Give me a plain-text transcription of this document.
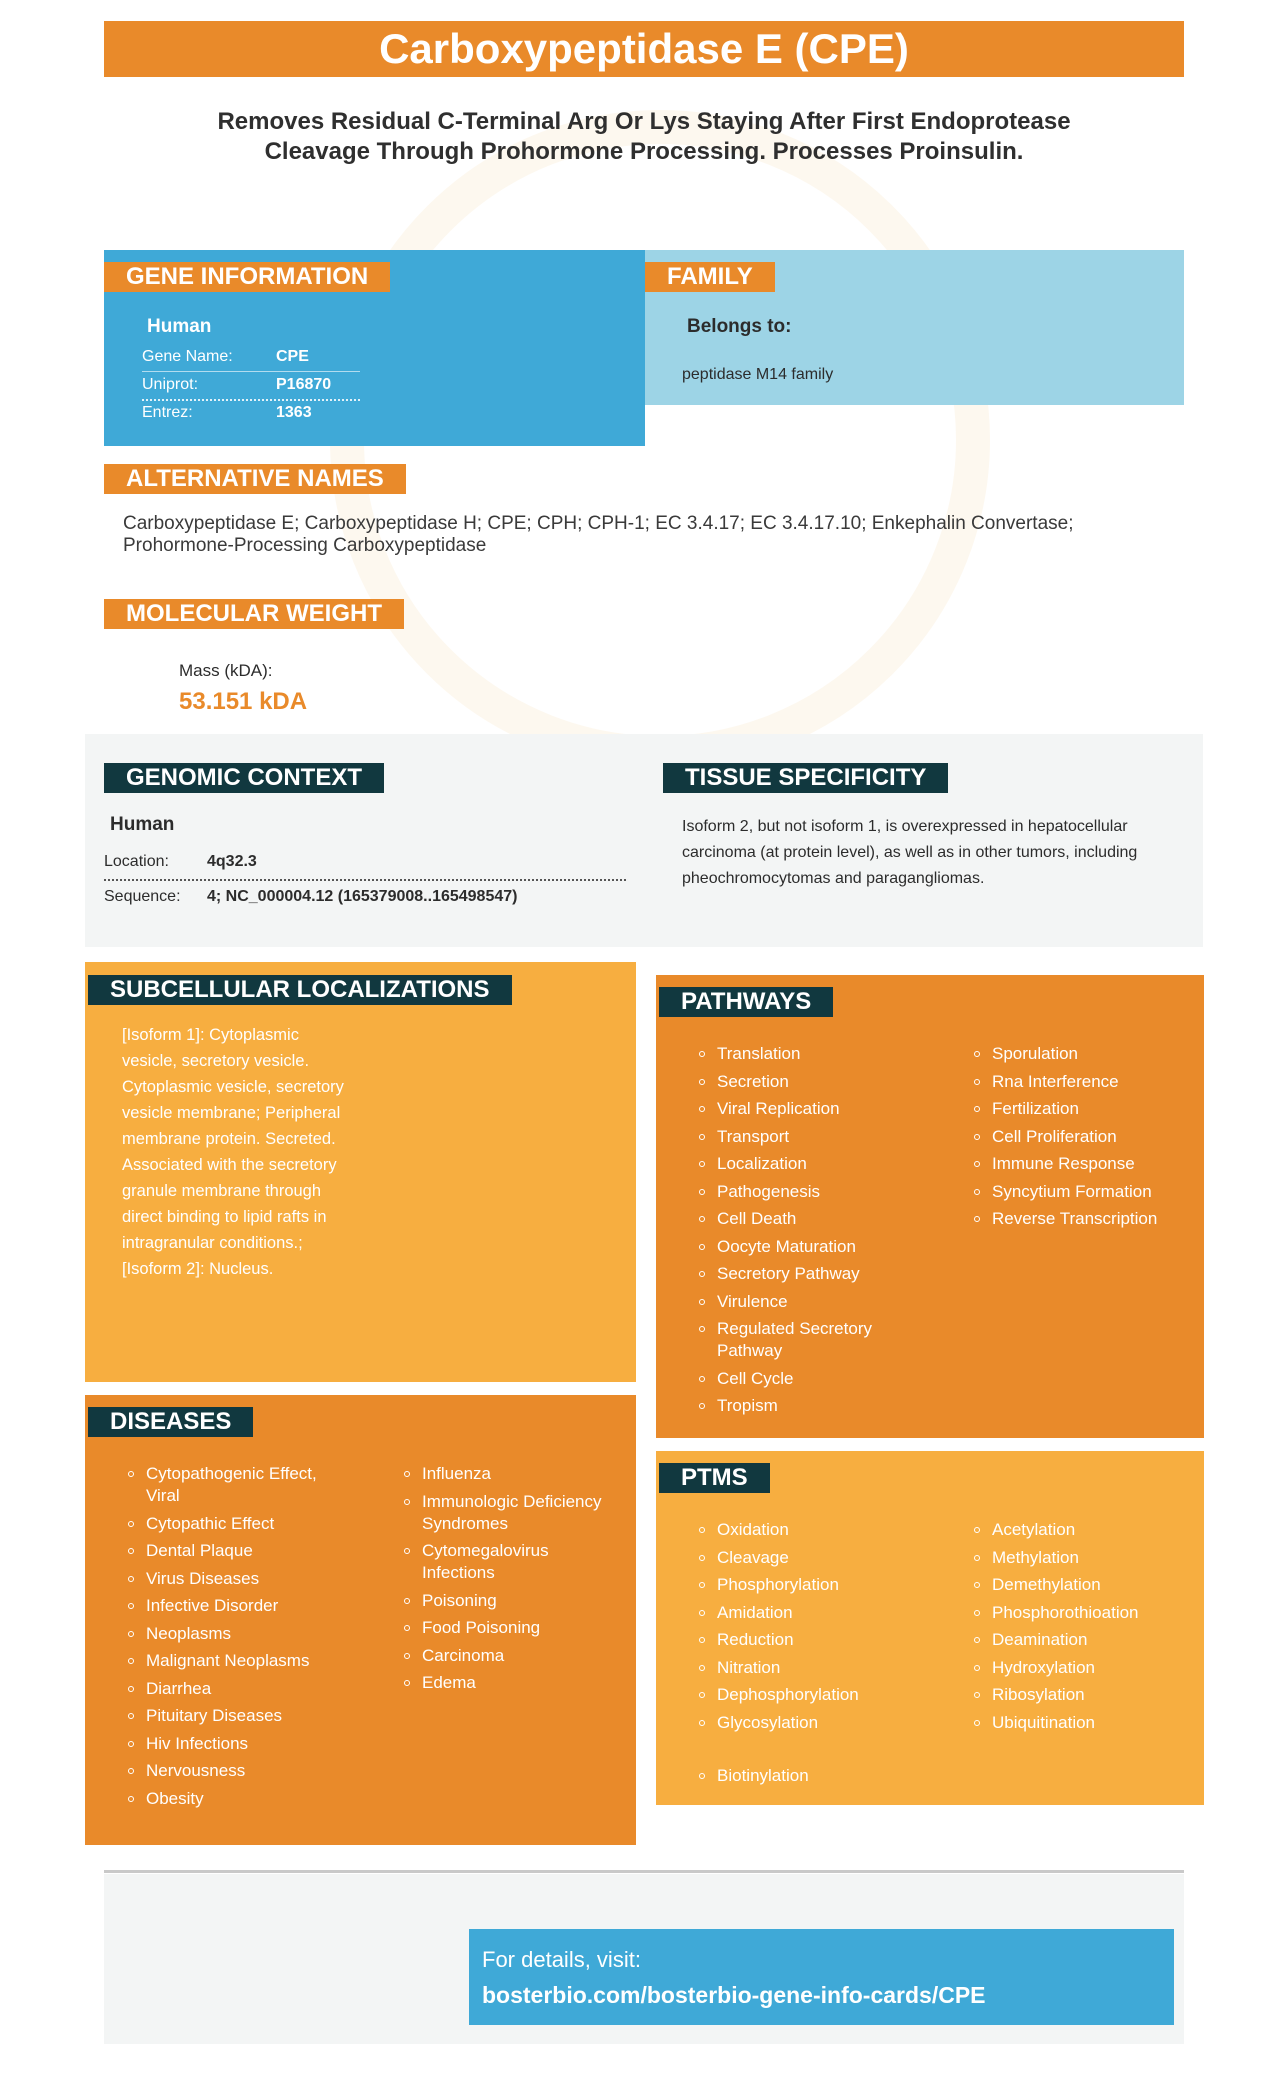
Carboxypeptidase E (CPE)
Removes Residual C-Terminal Arg Or Lys Staying After First Endoprotease Cleavage Through Prohormone Processing. Processes Proinsulin.
GENE INFORMATION
Human
Gene Name:	CPE
Uniprot:	P16870
Entrez:	1363
FAMILY
Belongs to:
peptidase M14 family
ALTERNATIVE NAMES
Carboxypeptidase E; Carboxypeptidase H; CPE; CPH; CPH-1; EC 3.4.17; EC 3.4.17.10; Enkephalin Convertase; Prohormone-Processing Carboxypeptidase
MOLECULAR WEIGHT
Mass (kDA):
53.151 kDA
GENOMIC CONTEXT
Human
Location: 4q32.3
Sequence: 4; NC_000004.12 (165379008..165498547)
TISSUE SPECIFICITY
Isoform 2, but not isoform 1, is overexpressed in hepatocellular carcinoma (at protein level), as well as in other tumors, including pheochromocytomas and paragangliomas.
SUBCELLULAR LOCALIZATIONS
[Isoform 1]: Cytoplasmic vesicle, secretory vesicle. Cytoplasmic vesicle, secretory vesicle membrane; Peripheral membrane protein. Secreted. Associated with the secretory granule membrane through direct binding to lipid rafts in intragranular conditions.; [Isoform 2]: Nucleus.
PATHWAYS
Translation
Secretion
Viral Replication
Transport
Localization
Pathogenesis
Cell Death
Oocyte Maturation
Secretory Pathway
Virulence
Regulated Secretory Pathway
Cell Cycle
Tropism
Sporulation
Rna Interference
Fertilization
Cell Proliferation
Immune Response
Syncytium Formation
Reverse Transcription
DISEASES
Cytopathogenic Effect, Viral
Cytopathic Effect
Dental Plaque
Virus Diseases
Infective Disorder
Neoplasms
Malignant Neoplasms
Diarrhea
Pituitary Diseases
Hiv Infections
Nervousness
Obesity
Influenza
Immunologic Deficiency Syndromes
Cytomegalovirus Infections
Poisoning
Food Poisoning
Carcinoma
Edema
PTMS
Oxidation
Cleavage
Phosphorylation
Amidation
Reduction
Nitration
Dephosphorylation
Glycosylation
Acetylation
Methylation
Demethylation
Phosphorothioation
Deamination
Hydroxylation
Ribosylation
Ubiquitination
Biotinylation
For details, visit:
bosterbio.com/bosterbio-gene-info-cards/CPE
